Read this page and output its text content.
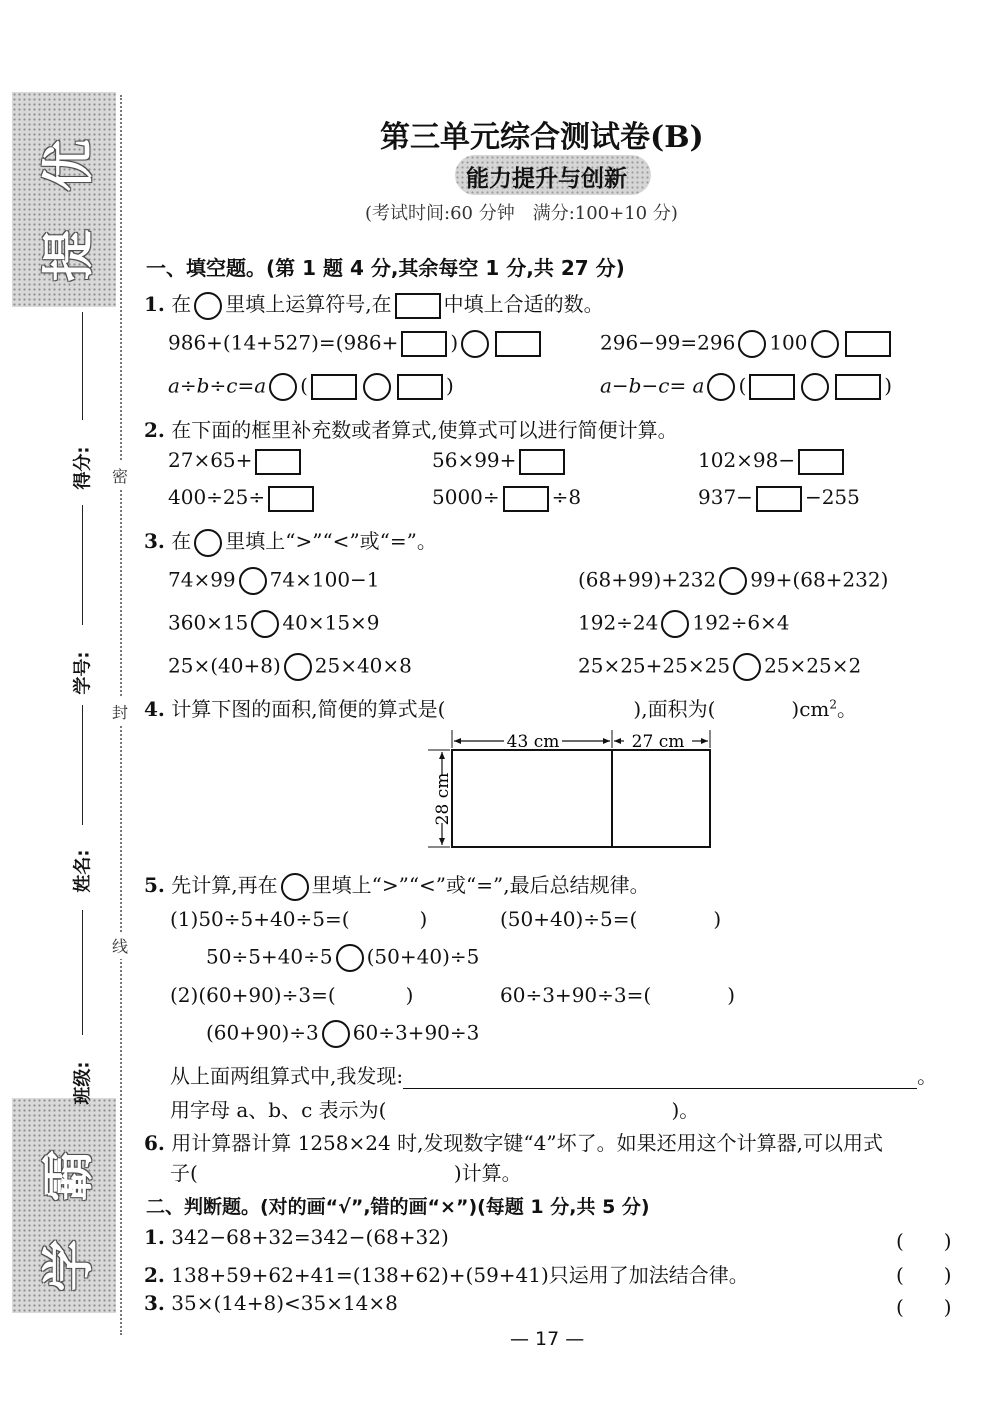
提
优
学
霸
得分:
学号:
姓名:
班级:
密
封
线
第三单元综合测试卷(B)
能力提升与创新
(考试时间:60 分钟　满分:100+10 分)
一、填空题。(第 1 题 4 分,其余每空 1 分,共 27 分)
1. 在 里填上运算符号,在	中填上合适的数。
986+(14+527)=(986+	)	296−99=296 100
a÷b÷c=a (	)	a−b−c= a (	)
2. 在下面的框里补充数或者算式,使算式可以进行简便计算。
27×65+	56×99+	102×98−
400÷25÷	5000÷	÷8	937−	−255
3. 在 里填上“>”“<”或“=”。
74×99 74×100−1	(68+99)+232 99+(68+232)
360×15 40×15×9	192÷24 192÷6×4
25×(40+8) 25×40×8	25×25+25×25 25×25×2
4. 计算下图的面积,简便的算式是(	),面积为(	)$cm^2$。
43 cm	27 cm
28 cm
5. 先计算,再在 里填上“>”“<”或“=”,最后总结规律。
(1)50÷5+40÷5=(	)	(50+40)÷5=(	)
50÷5+40÷5 (50+40)÷5
(2)(60+90)÷3=(	)	60÷3+90÷3=(	)
(60+90)÷3 60÷3+90÷3
从上面两组算式中,我发现:	。
用字母 a、b、c 表示为(	)。
6. 用计算器计算 1258×24 时,发现数字键“4”坏了。如果还用这个计算器,可以用式
子(	)计算。
二、判断题。(对的画“√”,错的画“×”)(每题 1 分,共 5 分)
1. 342−68+32=342−(68+32)	(　　)
2. 138+59+62+41=(138+62)+(59+41)只运用了加法结合律。	(　　)
3. 35×(14+8)<35×14×8	(　　)
— 17 —
